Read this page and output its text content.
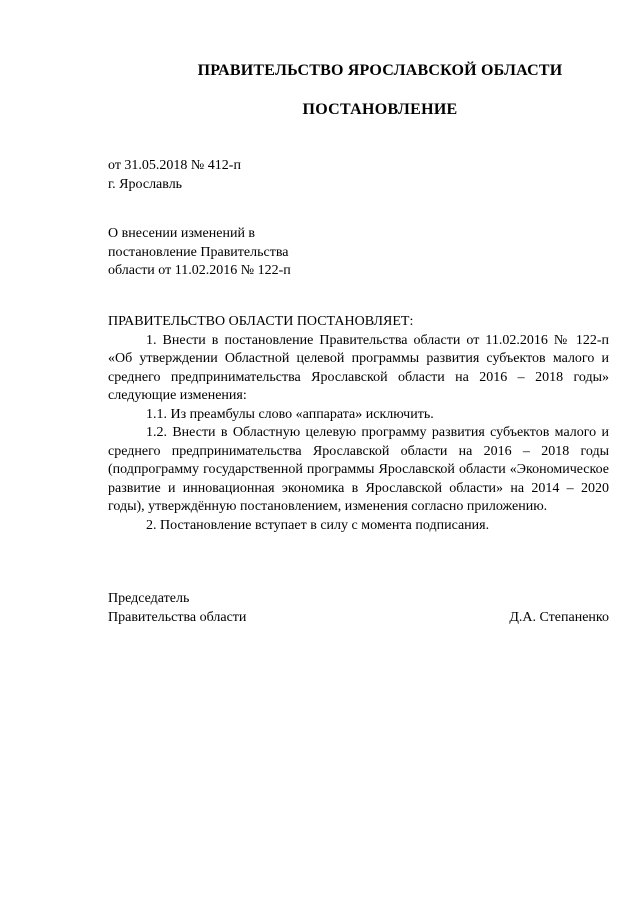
ПРАВИТЕЛЬСТВО ЯРОСЛАВСКОЙ ОБЛАСТИ
ПОСТАНОВЛЕНИЕ
от 31.05.2018 № 412-п
г. Ярославль
О внесении изменений в
постановление Правительства
области от 11.02.2016 № 122-п

ПРАВИТЕЛЬСТВО ОБЛАСТИ ПОСТАНОВЛЯЕТ:

1. Внести в постановление Правительства области от 11.02.2016 № 122-п «Об утверждении Областной целевой программы развития субъектов малого и среднего предпринимательства Ярославской области на 2016 – 2018 годы» следующие изменения:

1.1. Из преамбулы слово «аппарата» исключить.

1.2. Внести в Областную целевую программу развития субъектов малого и среднего предпринимательства Ярославской области на 2016 – 2018 годы (подпрограмму государственной программы Ярославской области «Экономическое развитие и инновационная экономика в Ярославской области» на 2014 – 2020 годы), утверждённую постановлением, изменения согласно приложению.

2. Постановление вступает в силу с момента подписания.

Председатель
Правительства области	Д.А. Степаненко
